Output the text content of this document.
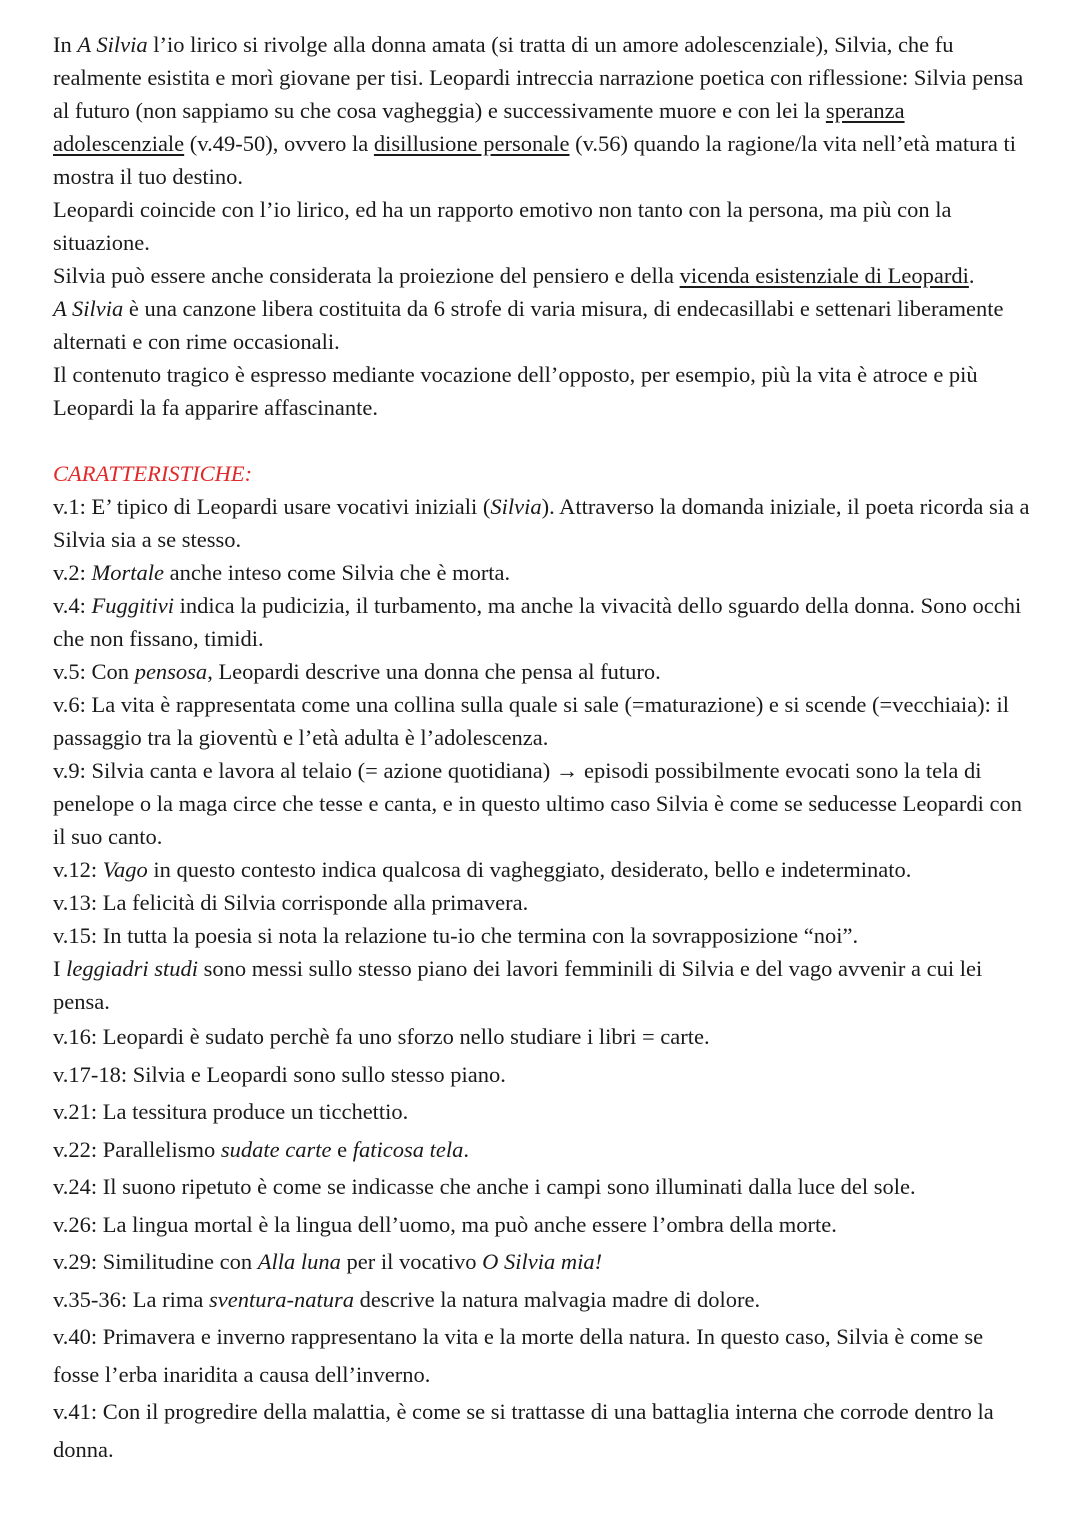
In A Silvia l’io lirico si rivolge alla donna amata (si tratta di un amore adolescenziale), Silvia, che fu realmente esistita e morì giovane per tisi. Leopardi intreccia narrazione poetica con riflessione: Silvia pensa al futuro (non sappiamo su che cosa vagheggia) e successivamente muore e con lei la speranza adolescenziale (v.49-50), ovvero la disillusione personale (v.56) quando la ragione/la vita nell’età matura ti mostra il tuo destino.

Leopardi coincide con l’io lirico, ed ha un rapporto emotivo non tanto con la persona, ma più con la situazione.

Silvia può essere anche considerata la proiezione del pensiero e della vicenda esistenziale di Leopardi.

A Silvia è una canzone libera costituita da 6 strofe di varia misura, di endecasillabi e settenari liberamente alternati e con rime occasionali.

Il contenuto tragico è espresso mediante vocazione dell’opposto, per esempio, più la vita è atroce e più Leopardi la fa apparire affascinante.

CARATTERISTICHE:

v.1: E’ tipico di Leopardi usare vocativi iniziali (Silvia). Attraverso la domanda iniziale, il poeta ricorda sia a Silvia sia a se stesso.

v.2: Mortale anche inteso come Silvia che è morta.

v.4: Fuggitivi indica la pudicizia, il turbamento, ma anche la vivacità dello sguardo della donna. Sono occhi che non fissano, timidi.

v.5: Con pensosa, Leopardi descrive una donna che pensa al futuro.

v.6: La vita è rappresentata come una collina sulla quale si sale (=maturazione) e si scende (=vecchiaia): il passaggio tra la gioventù e l’età adulta è l’adolescenza.

v.9: Silvia canta e lavora al telaio (= azione quotidiana) → episodi possibilmente evocati sono la tela di penelope o la maga circe che tesse e canta, e in questo ultimo caso Silvia è come se seducesse Leopardi con il suo canto.

v.12: Vago in questo contesto indica qualcosa di vagheggiato, desiderato, bello e indeterminato.

v.13: La felicità di Silvia corrisponde alla primavera.

v.15: In tutta la poesia si nota la relazione tu-io che termina con la sovrapposizione “noi”.

I leggiadri studi sono messi sullo stesso piano dei lavori femminili di Silvia e del vago avvenir a cui lei pensa.

v.16: Leopardi è sudato perchè fa uno sforzo nello studiare i libri = carte.

v.17-18: Silvia e Leopardi sono sullo stesso piano.

v.21: La tessitura produce un ticchettio.

v.22: Parallelismo sudate carte e faticosa tela.

v.24: Il suono ripetuto è come se indicasse che anche i campi sono illuminati dalla luce del sole.

v.26: La lingua mortal è la lingua dell’uomo, ma può anche essere l’ombra della morte.

v.29: Similitudine con Alla luna per il vocativo O Silvia mia!

v.35-36: La rima sventura-natura descrive la natura malvagia madre di dolore.

v.40: Primavera e inverno rappresentano la vita e la morte della natura. In questo caso, Silvia è come se fosse l’erba inaridita a causa dell’inverno.

v.41: Con il progredire della malattia, è come se si trattasse di una battaglia interna che corrode dentro la donna.
